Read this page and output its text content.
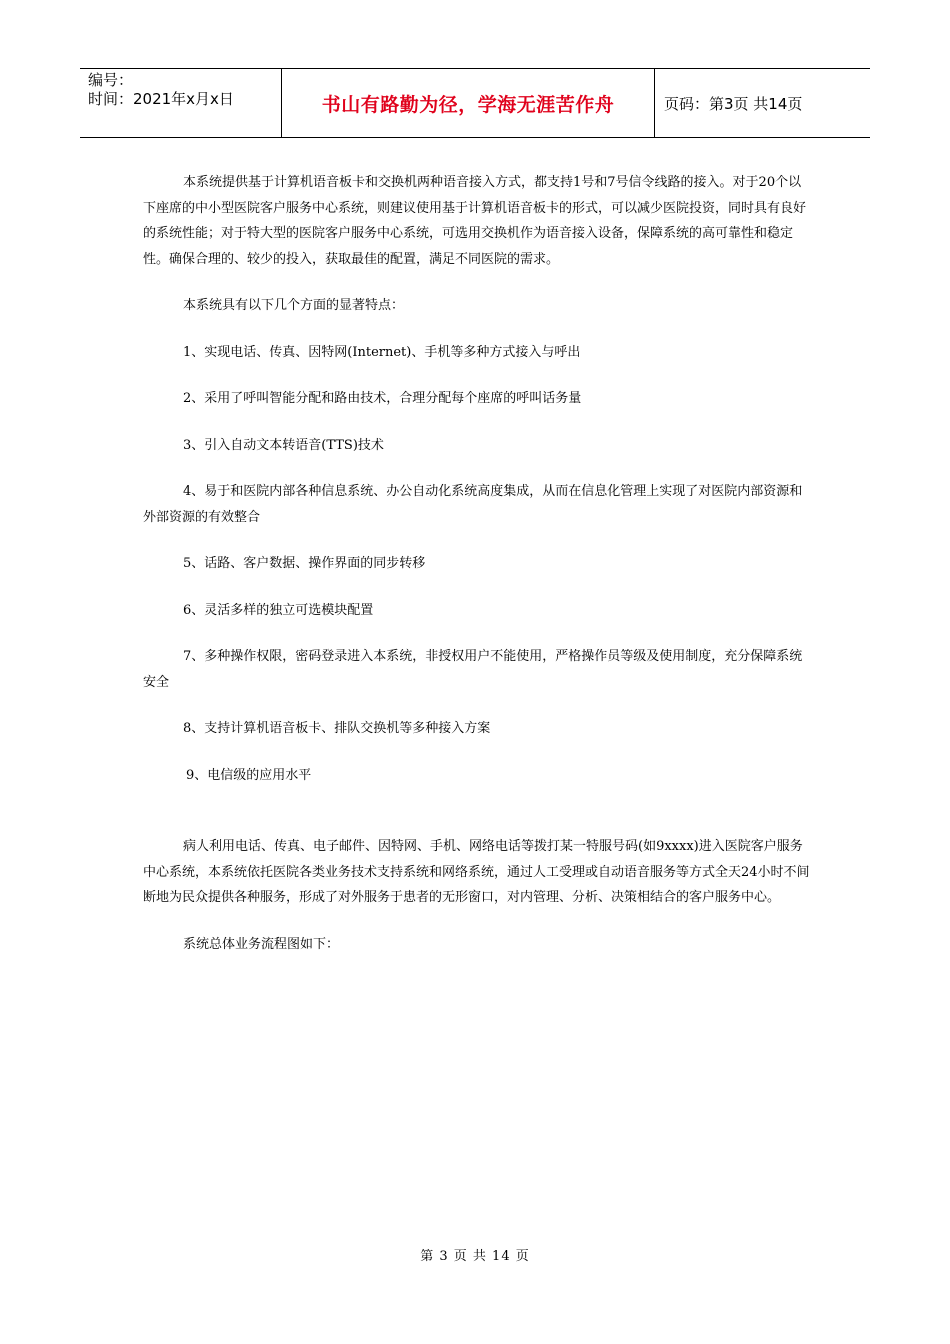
编号：
时间：2021年x月x日	书山有路勤为径，学海无涯苦作舟	页码：第3页 共14页

本系统提供基于计算机语音板卡和交换机两种语音接入方式，都支持1号和7号信令线路的接入。对于20个以下座席的中小型医院客户服务中心系统，则建议使用基于计算机语音板卡的形式，可以减少医院投资，同时具有良好的系统性能；对于特大型的医院客户服务中心系统，可选用交换机作为语音接入设备，保障系统的高可靠性和稳定性。确保合理的、较少的投入，获取最佳的配置，满足不同医院的需求。

本系统具有以下几个方面的显著特点：

1、实现电话、传真、因特网(Internet)、手机等多种方式接入与呼出

2、采用了呼叫智能分配和路由技术，合理分配每个座席的呼叫话务量

3、引入自动文本转语音(TTS)技术

4、易于和医院内部各种信息系统、办公自动化系统高度集成，从而在信息化管理上实现了对医院内部资源和外部资源的有效整合

5、话路、客户数据、操作界面的同步转移

6、灵活多样的独立可选模块配置

7、多种操作权限，密码登录进入本系统，非授权用户不能使用，严格操作员等级及使用制度，充分保障系统安全

8、支持计算机语音板卡、排队交换机等多种接入方案

9、电信级的应用水平

病人利用电话、传真、电子邮件、因特网、手机、网络电话等拨打某一特服号码(如9xxxx)进入医院客户服务中心系统，本系统依托医院各类业务技术支持系统和网络系统，通过人工受理或自动语音服务等方式全天24小时不间断地为民众提供各种服务，形成了对外服务于患者的无形窗口，对内管理、分析、决策相结合的客户服务中心。

系统总体业务流程图如下：

第 3 页 共 14 页
